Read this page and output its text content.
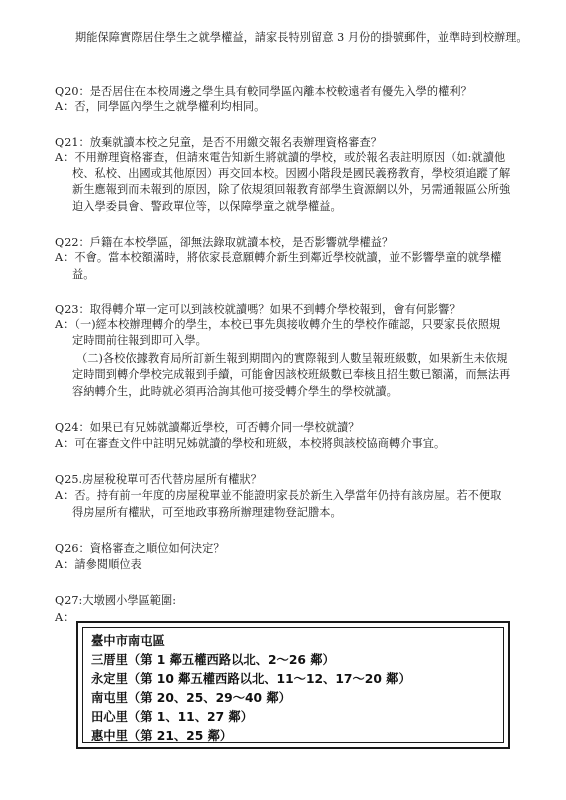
期能保障實際居住學生之就學權益，請家長特別留意 3 月份的掛號郵件，並準時到校辦理。
Q20：是否居住在本校周邊之學生具有較同學區內離本校較遠者有優先入學的權利？
A：否，同學區內學生之就學權利均相同。
Q21：放棄就讀本校之兒童，是否不用繳交報名表辦理資格審查？
A：不用辦理資格審查，但請來電告知新生將就讀的學校，或於報名表註明原因（如:就讀他
校、私校、出國或其他原因）再交回本校。因國小階段是國民義務教育，學校須追蹤了解
新生應報到而未報到的原因，除了依規須回報教育部學生資源網以外，另需通報區公所強
迫入學委員會、警政單位等，以保障學童之就學權益。
Q22：戶籍在本校學區，卻無法錄取就讀本校，是否影響就學權益？
A：不會。當本校額滿時，將依家長意願轉介新生到鄰近學校就讀，並不影響學童的就學權
益。
Q23：取得轉介單一定可以到該校就讀嗎？如果不到轉介學校報到，會有何影響？
A：（一)經本校辦理轉介的學生，本校已事先與接收轉介生的學校作確認，只要家長依照規
定時間前往報到即可入學。
（二)各校依據教育局所訂新生報到期間內的實際報到人數呈報班級數，如果新生未依規
定時間到轉介學校完成報到手續，可能會因該校班級數已奉核且招生數已額滿，而無法再
容納轉介生，此時就必須再洽詢其他可接受轉介學生的學校就讀。
Q24：如果已有兄姊就讀鄰近學校，可否轉介同一學校就讀？
A：可在審查文件中註明兄姊就讀的學校和班級，本校將與該校協商轉介事宜。
Q25.房屋稅稅單可否代替房屋所有權狀？
A：否。持有前一年度的房屋稅單並不能證明家長於新生入學當年仍持有該房屋。若不便取
得房屋所有權狀，可至地政事務所辦理建物登記謄本。
Q26：資格審查之順位如何決定？
A：請參閱順位表
Q27:大墩國小學區範圍:
A：
臺中市南屯區
三厝里（第 1 鄰五權西路以北、2～26 鄰）
永定里（第 10 鄰五權西路以北、11～12、17～20 鄰）
南屯里（第 20、25、29～40 鄰）
田心里（第 1、11、27 鄰）
惠中里（第 21、25 鄰）
